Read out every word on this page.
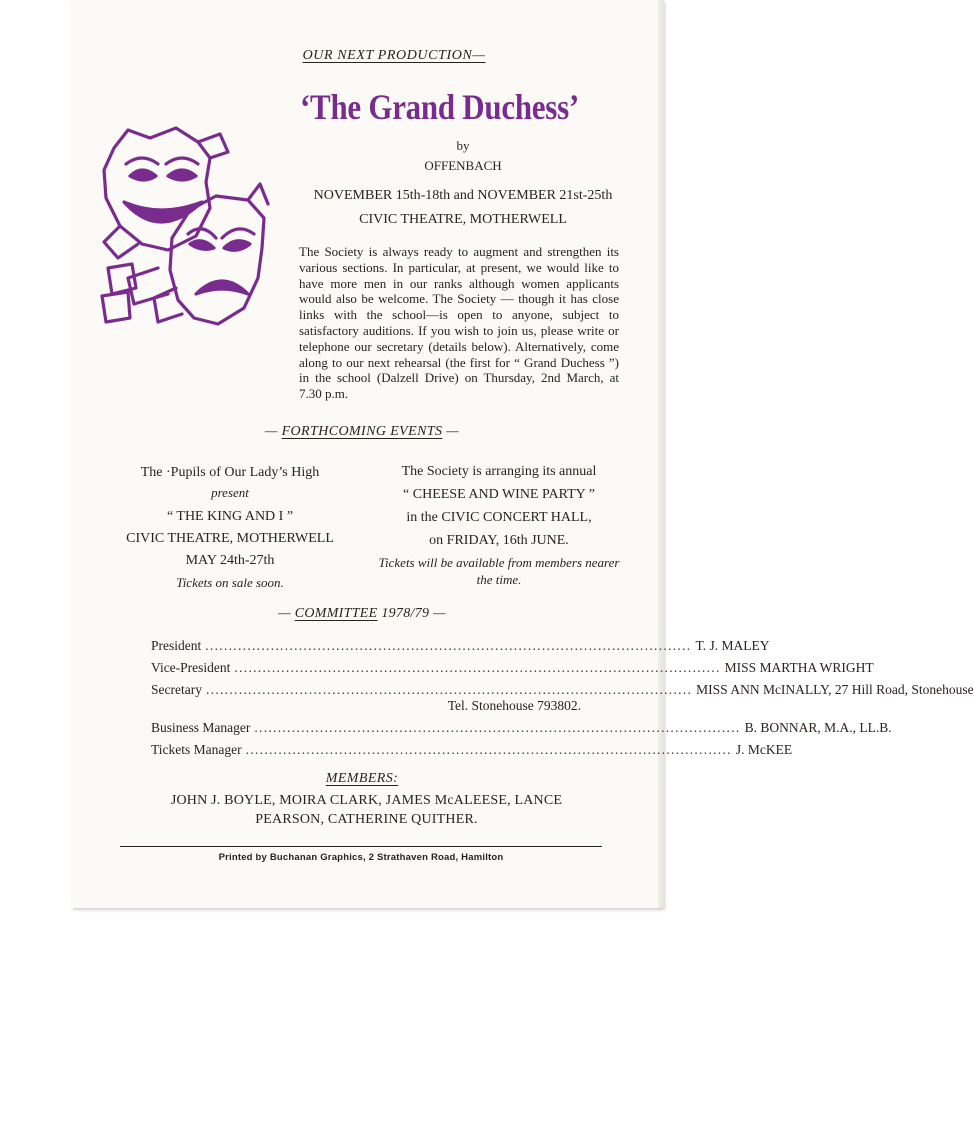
OUR NEXT PRODUCTION—
‘The Grand Duchess’
by
OFFENBACH
NOVEMBER 15th-18th and NOVEMBER 21st-25th
CIVIC THEATRE, MOTHERWELL
The Society is always ready to augment and strengthen its various sections. In particular, at present, we would like to have more men in our ranks although women applicants would also be welcome. The Society — though it has close links with the school—is open to anyone, subject to satisfactory auditions. If you wish to join us, please write or telephone our secretary (details below). Alternatively, come along to our next rehearsal (the first for “ Grand Duchess ”) in the school (Dalzell Drive) on Thursday, 2nd March, at 7.30 p.m.
— FORTHCOMING EVENTS —
The ·Pupils of Our Lady’s High
present
“ THE KING AND I ”
CIVIC THEATRE, MOTHERWELL
MAY 24th-27th
Tickets on sale soon.
The Society is arranging its annual
“ CHEESE AND WINE PARTY ”
in the CIVIC CONCERT HALL,
on FRIDAY, 16th JUNE.
Tickets will be available from members nearer the time.
— COMMITTEE 1978/79 —
President ........................................................................................................ T. J. MALEY
Vice-President ........................................................................................................ MISS MARTHA WRIGHT
Secretary ........................................................................................................ MISS ANN McINALLY, 27 Hill Road, Stonehouse
Tel. Stonehouse 793802.
Business Manager ........................................................................................................ B. BONNAR, M.A., LL.B.
Tickets Manager ........................................................................................................ J. McKEE
MEMBERS:
JOHN J. BOYLE, MOIRA CLARK, JAMES McALEESE, LANCE PEARSON, CATHERINE QUITHER.
Printed by Buchanan Graphics, 2 Strathaven Road, Hamilton
